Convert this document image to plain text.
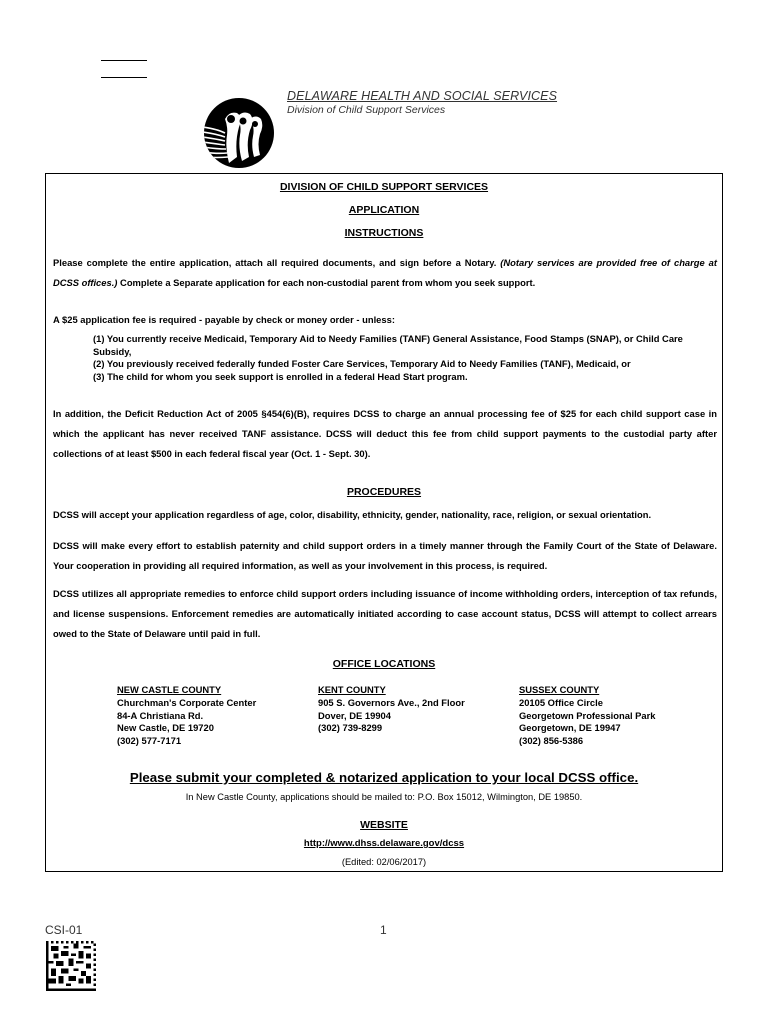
DELAWARE HEALTH AND SOCIAL SERVICES
Division of Child Support Services
DIVISION OF CHILD SUPPORT SERVICES
APPLICATION
INSTRUCTIONS
Please complete the entire application, attach all required documents, and sign before a Notary. (Notary services are provided free of charge at DCSS offices.) Complete a Separate application for each non-custodial parent from whom you seek support.
A $25 application fee is required - payable by check or money order - unless:
(1) You currently receive Medicaid, Temporary Aid to Needy Families (TANF) General Assistance, Food Stamps (SNAP), or Child Care Subsidy,
(2) You previously received federally funded Foster Care Services, Temporary Aid to Needy Families (TANF), Medicaid, or
(3) The child for whom you seek support is enrolled in a federal Head Start program.
In addition, the Deficit Reduction Act of 2005 §454(6)(B), requires DCSS to charge an annual processing fee of $25 for each child support case in which the applicant has never received TANF assistance. DCSS will deduct this fee from child support payments to the custodial party after collections of at least $500 in each federal fiscal year (Oct. 1 - Sept. 30).
PROCEDURES
DCSS will accept your application regardless of age, color, disability, ethnicity, gender, nationality, race, religion, or sexual orientation.
DCSS will make every effort to establish paternity and child support orders in a timely manner through the Family Court of the State of Delaware. Your cooperation in providing all required information, as well as your involvement in this process, is required.
DCSS utilizes all appropriate remedies to enforce child support orders including issuance of income withholding orders, interception of tax refunds, and license suspensions. Enforcement remedies are automatically initiated according to case account status, DCSS will attempt to collect arrears owed to the State of Delaware until paid in full.
OFFICE LOCATIONS
NEW CASTLE COUNTY
Churchman's Corporate Center
84-A Christiana Rd.
New Castle, DE 19720
(302) 577-7171
KENT COUNTY
905 S. Governors Ave., 2nd Floor
Dover, DE 19904
(302) 739-8299
SUSSEX COUNTY
20105 Office Circle
Georgetown Professional Park
Georgetown, DE 19947
(302) 856-5386
Please submit your completed & notarized application to your local DCSS office.
In New Castle County, applications should be mailed to: P.O. Box 15012, Wilmington, DE 19850.
WEBSITE
http://www.dhss.delaware.gov/dcss
(Edited: 02/06/2017)
CSI-01	1
